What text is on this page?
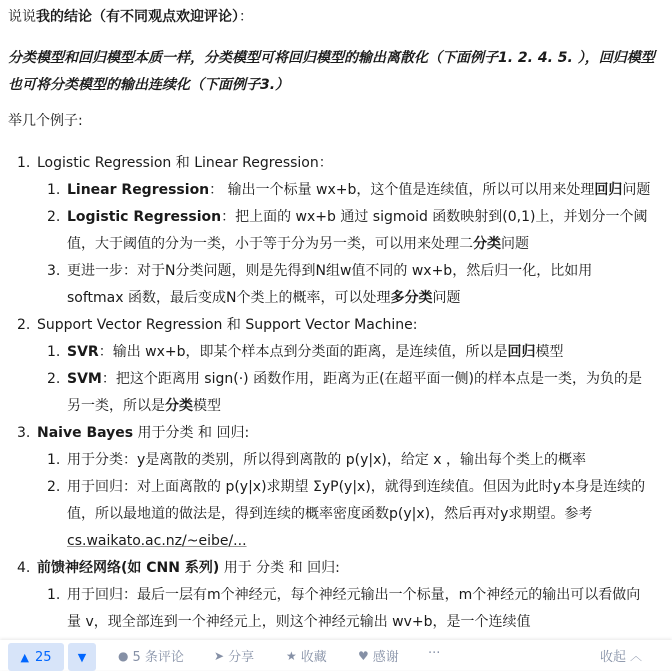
说说我的结论（有不同观点欢迎评论）：
分类模型和回归模型本质一样，分类模型可将回归模型的输出离散化（下面例子1. 2. 4. 5. ），回归模型也可将分类模型的输出连续化（下面例子3.）
举几个例子:
1. Logistic Regression 和 Linear Regression：
1. Linear Regression： 输出一个标量 wx+b，这个值是连续值，所以可以用来处理回归问题
2. Logistic Regression：把上面的 wx+b 通过 sigmoid 函数映射到(0,1)上，并划分一个阈值，大于阈值的分为一类，小于等于分为另一类，可以用来处理二分类问题
3. 更进一步：对于N分类问题，则是先得到N组w值不同的 wx+b，然后归一化，比如用 softmax 函数，最后变成N个类上的概率，可以处理多分类问题
2. Support Vector Regression 和 Support Vector Machine:
1. SVR：输出 wx+b，即某个样本点到分类面的距离，是连续值，所以是回归模型
2. SVM：把这个距离用 sign(·) 函数作用，距离为正(在超平面一侧)的样本点是一类，为负的是另一类，所以是分类模型
3. Naive Bayes 用于分类 和 回归:
1. 用于分类：y是离散的类别，所以得到离散的 p(y|x)，给定 x ，输出每个类上的概率
2. 用于回归：对上面离散的 p(y|x)求期望 ΣyP(y|x)，就得到连续值。但因为此时y本身是连续的值，所以最地道的做法是，得到连续的概率密度函数p(y|x)，然后再对y求期望。参考 cs.waikato.ac.nz/~eibe/...
4. 前馈神经网络(如 CNN 系列) 用于 分类 和 回归:
1. 用于回归：最后一层有m个神经元，每个神经元输出一个标量，m个神经元的输出可以看做向量 v，现全部连到一个神经元上，则这个神经元输出 wv+b，是一个连续值
▲ 25 ▼	● 5 条评论	➤ 分享	★ 收藏	♥ 感谢 ···	收起 ︿
